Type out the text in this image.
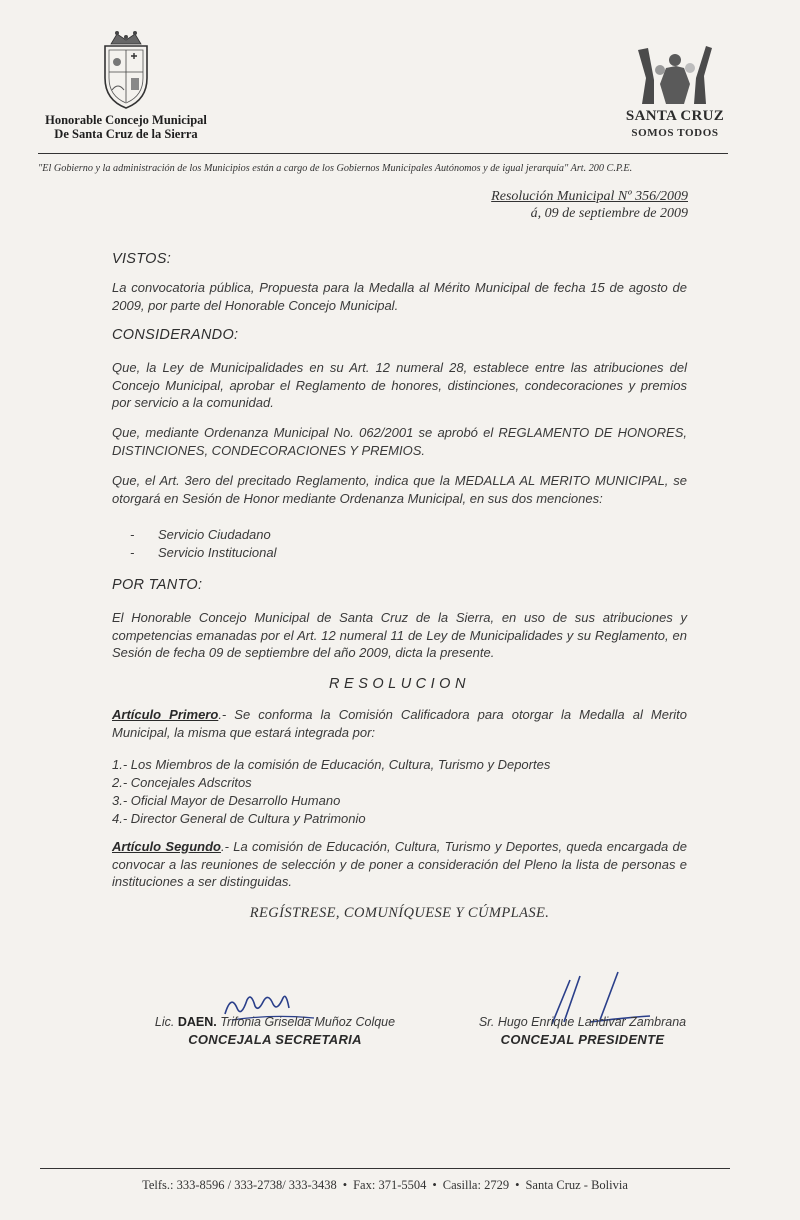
Honorable Concejo Municipal
De Santa Cruz de la Sierra
SANTA CRUZ
SOMOS TODOS
"El Gobierno y la administración de los Municipios están a cargo de los Gobiernos Municipales Autónomos y de igual jerarquía" Art. 200 C.P.E.
Resolución Municipal Nº 356/2009
á, 09 de septiembre de 2009
VISTOS:
La convocatoria pública, Propuesta para la Medalla al Mérito Municipal de fecha 15 de agosto de 2009, por parte del Honorable Concejo Municipal.
CONSIDERANDO:
Que, la Ley de Municipalidades en su Art. 12 numeral 28, establece entre las atribuciones del Concejo Municipal, aprobar el Reglamento de honores, distinciones, condecoraciones y premios por servicio a la comunidad.
Que, mediante Ordenanza Municipal No. 062/2001 se aprobó el REGLAMENTO DE HONORES, DISTINCIONES, CONDECORACIONES Y PREMIOS.
Que, el Art. 3ero del precitado Reglamento, indica que la MEDALLA AL MERITO MUNICIPAL, se otorgará en Sesión de Honor mediante Ordenanza Municipal, en sus dos menciones:
- Servicio Ciudadano
- Servicio Institucional
POR TANTO:
El Honorable Concejo Municipal de Santa Cruz de la Sierra, en uso de sus atribuciones y competencias emanadas por el Art. 12 numeral 11 de Ley de Municipalidades y su Reglamento, en Sesión de fecha 09 de septiembre del año 2009, dicta la presente.
RESOLUCION
Artículo Primero.- Se conforma la Comisión Calificadora para otorgar la Medalla al Merito Municipal, la misma que estará integrada por:
1.- Los Miembros de la comisión de Educación, Cultura, Turismo y Deportes
2.- Concejales Adscritos
3.- Oficial Mayor de Desarrollo Humano
4.- Director General de Cultura y Patrimonio
Artículo Segundo.- La comisión de Educación, Cultura, Turismo y Deportes, queda encargada de convocar a las reuniones de selección y de poner a consideración del Pleno la lista de personas e instituciones a ser distinguidas.
REGÍSTRESE, COMUNÍQUESE Y CÚMPLASE.
Lic. DAEN. Trifonia Griselda Muñoz Colque
CONCEJALA SECRETARIA
Sr. Hugo Enrique Landivar Zambrana
CONCEJAL PRESIDENTE
Telfs.: 333-8596 / 333-2738/ 333-3438 • Fax: 371-5504 • Casilla: 2729 • Santa Cruz - Bolivia
